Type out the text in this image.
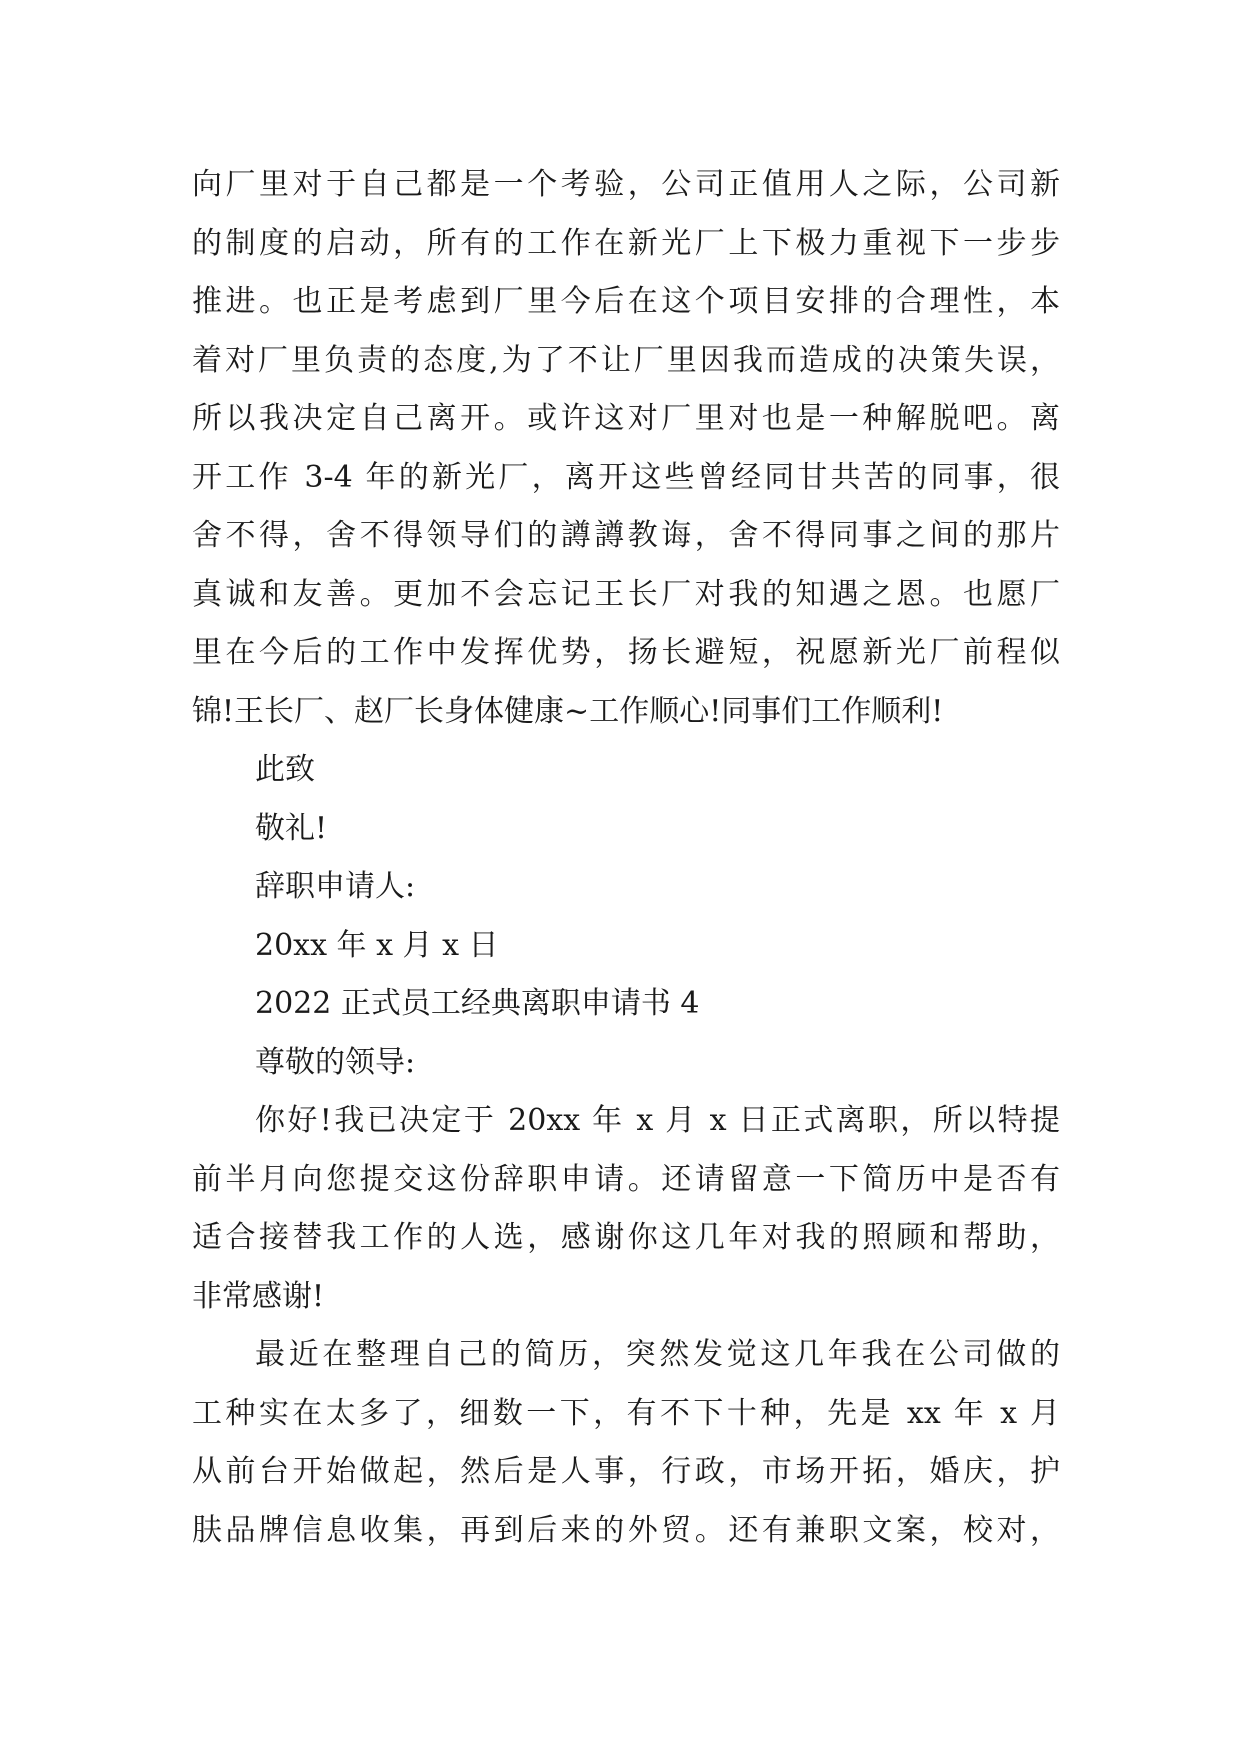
向厂里对于自己都是一个考验，公司正值用人之际，公司新
的制度的启动，所有的工作在新光厂上下极力重视下一步步
推进。也正是考虑到厂里今后在这个项目安排的合理性，本
着对厂里负责的态度,为了不让厂里因我而造成的决策失误，
所以我决定自己离开。或许这对厂里对也是一种解脱吧。离
开工作 3-4 年的新光厂，离开这些曾经同甘共苦的同事，很
舍不得，舍不得领导们的譐譐教诲，舍不得同事之间的那片
真诚和友善。更加不会忘记王长厂对我的知遇之恩。也愿厂
里在今后的工作中发挥优势，扬长避短，祝愿新光厂前程似
锦!王长厂、赵厂长身体健康~工作顺心!同事们工作顺利!
此致
敬礼!
辞职申请人:
20xx 年 x 月 x 日
2022 正式员工经典离职申请书 4
尊敬的领导:
你好!我已决定于 20xx 年 x 月 x 日正式离职，所以特提
前半月向您提交这份辞职申请。还请留意一下简历中是否有
适合接替我工作的人选，感谢你这几年对我的照顾和帮助，
非常感谢!
最近在整理自己的简历，突然发觉这几年我在公司做的
工种实在太多了，细数一下，有不下十种，先是 xx 年 x 月
从前台开始做起，然后是人事，行政，市场开拓，婚庆，护
肤品牌信息收集，再到后来的外贸。还有兼职文案，校对，
